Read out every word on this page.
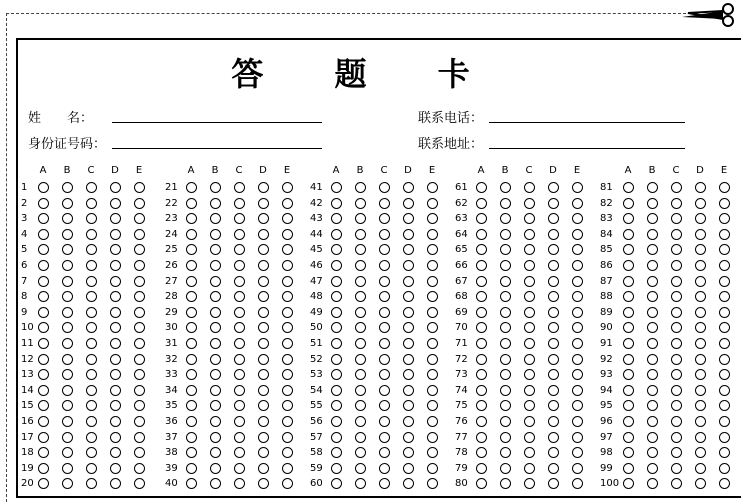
答 题 卡
姓　　名：
身份证号码：
联系电话：
联系地址：
A	B	C	D	E
1
2
3
4
5
6
7
8
9
10
11
12
13
14
15
16
17
18
19
20
A	B	C	D	E
21
22
23
24
25
26
27
28
29
30
31
32
33
34
35
36
37
38
39
40
A	B	C	D	E
41
42
43
44
45
46
47
48
49
50
51
52
53
54
55
56
57
58
59
60
A	B	C	D	E
61
62
63
64
65
66
67
68
69
70
71
72
73
74
75
76
77
78
79
80
A	B	C	D	E
81
82
83
84
85
86
87
88
89
90
91
92
93
94
95
96
97
98
99
100
